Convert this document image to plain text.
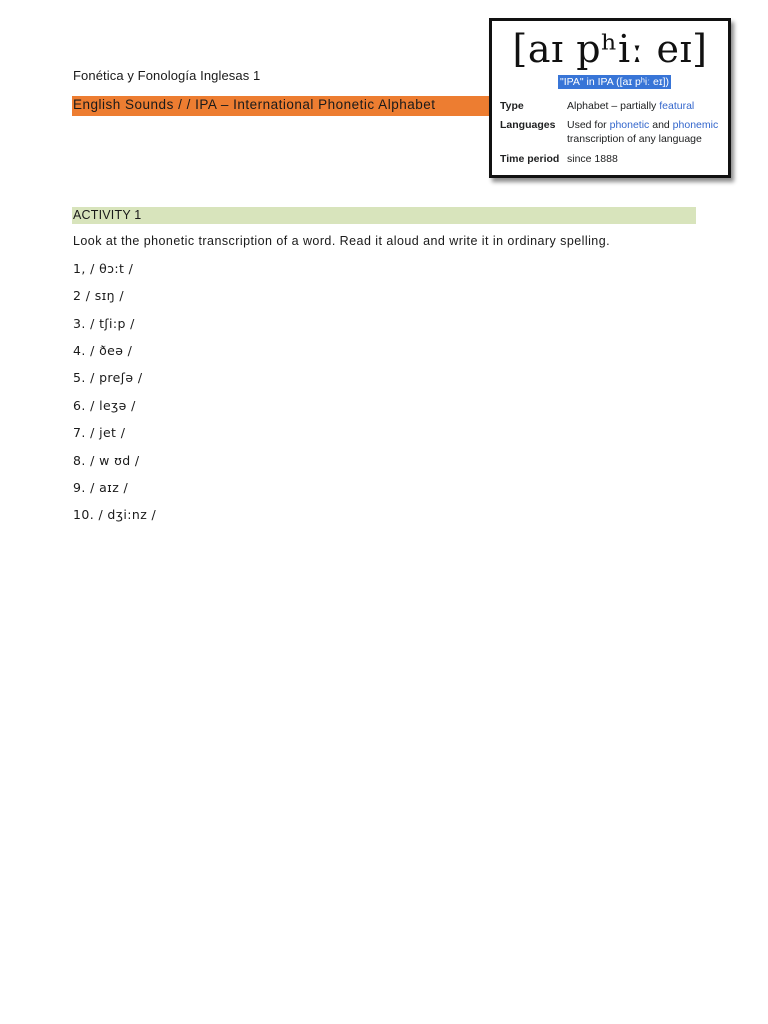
Fonética y Fonología Inglesas 1
English Sounds / / IPA – International Phonetic Alphabet
[aɪ pʰiː eɪ]
"IPA" in IPA ([aɪ pʰiː eɪ])
Type	Alphabet – partially featural
Languages	Used for phonetic and phonemic
transcription of any language
Time period since 1888
ACTIVITY 1
Look at the phonetic transcription of a word. Read it aloud and write it in ordinary spelling.
1, / θɔ:t /
2 / sɪŋ /
3. / tʃi:p /
4. / ðeə /
5. / preʃə /
6. / leʒə /
7. / jet /
8. / w ʊd /
9. / aɪz /
10. / dʒi:nz /
